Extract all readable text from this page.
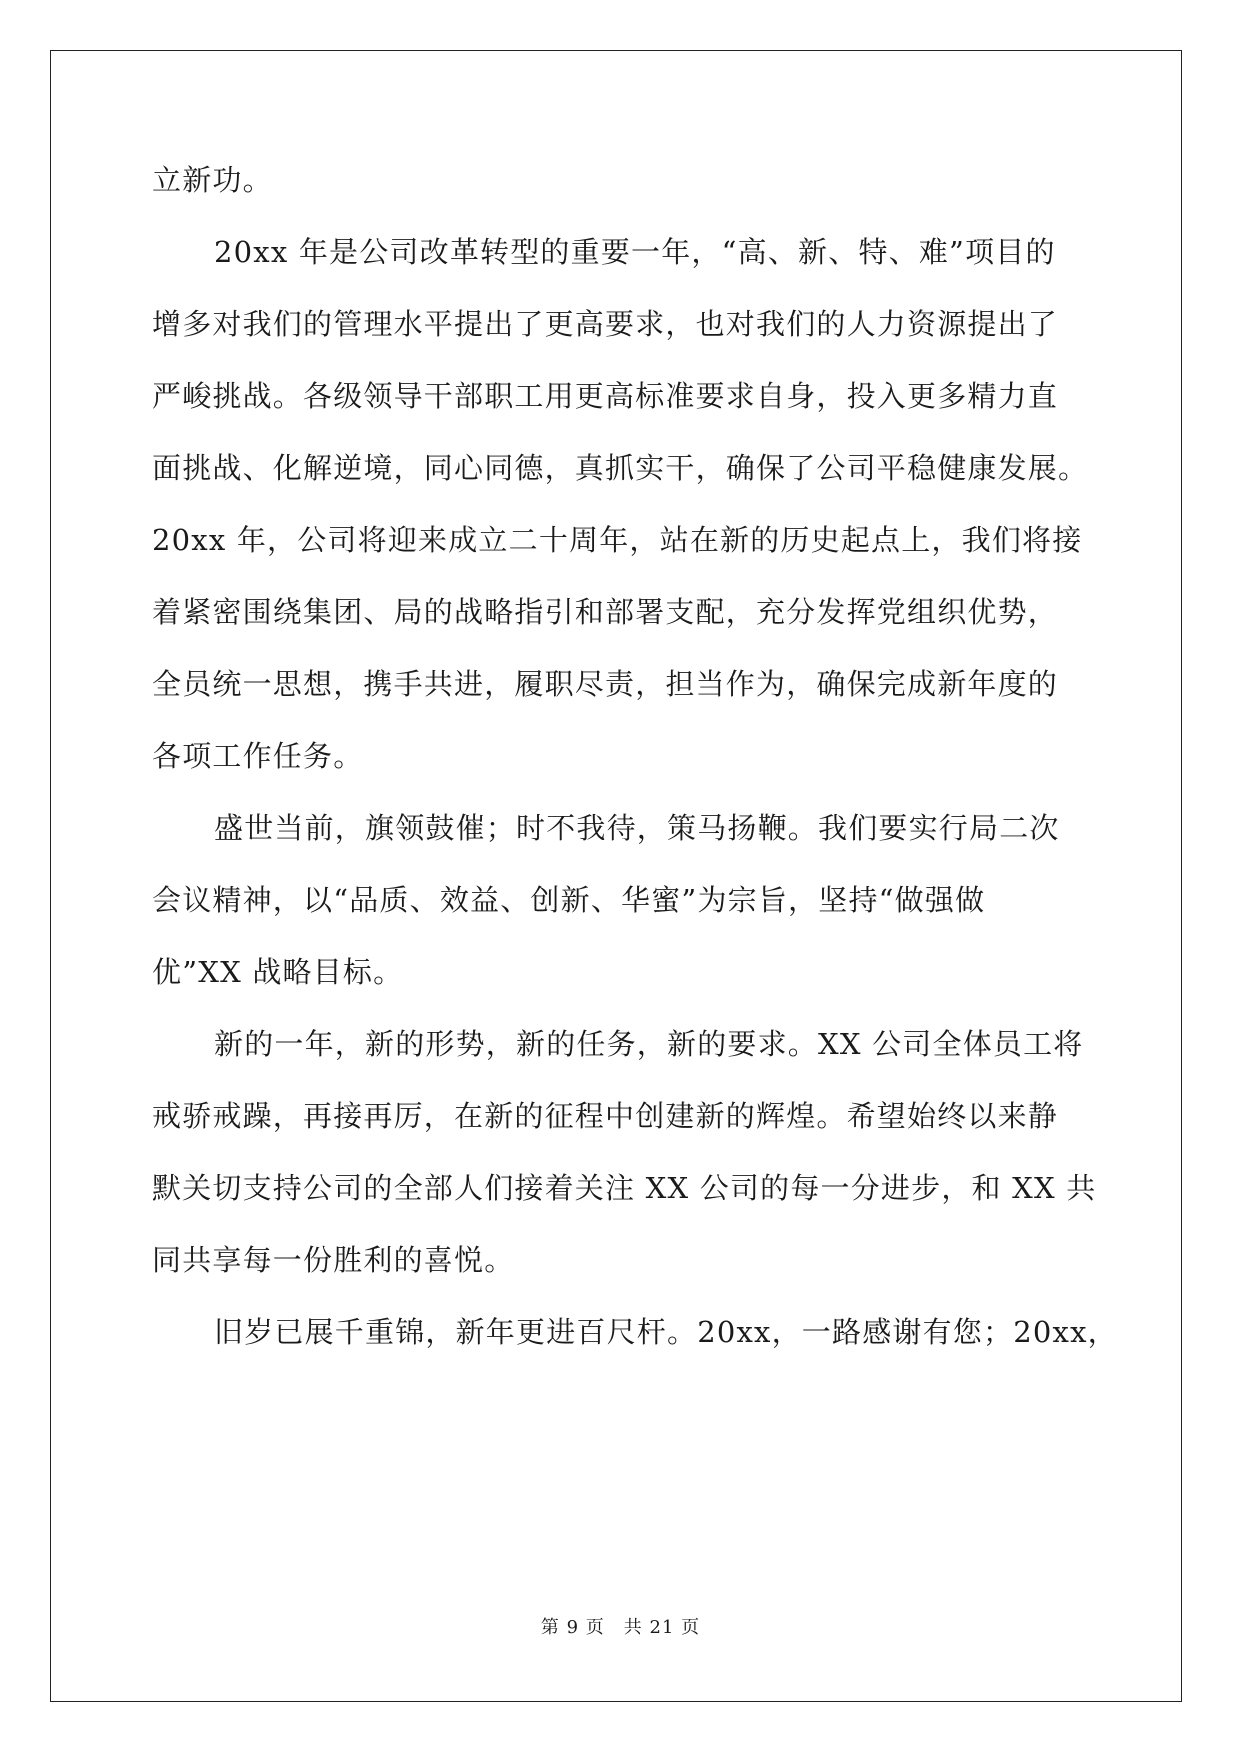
立新功。
20xx 年是公司改革转型的重要一年，“高、新、特、难”项目的
增多对我们的管理水平提出了更高要求，也对我们的人力资源提出了
严峻挑战。各级领导干部职工用更高标准要求自身，投入更多精力直
面挑战、化解逆境，同心同德，真抓实干，确保了公司平稳健康发展。
20xx 年，公司将迎来成立二十周年，站在新的历史起点上，我们将接
着紧密围绕集团、局的战略指引和部署支配，充分发挥党组织优势，
全员统一思想，携手共进，履职尽责，担当作为，确保完成新年度的
各项工作任务。
盛世当前，旗领鼓催；时不我待，策马扬鞭。我们要实行局二次
会议精神，以“品质、效益、创新、华蜜”为宗旨，坚持“做强做
优”XX 战略目标。
新的一年，新的形势，新的任务，新的要求。XX 公司全体员工将
戒骄戒躁，再接再厉，在新的征程中创建新的辉煌。希望始终以来静
默关切支持公司的全部人们接着关注 XX 公司的每一分进步，和 XX 共
同共享每一份胜利的喜悦。
旧岁已展千重锦，新年更进百尺杆。20xx，一路感谢有您；20xx，
第 9 页　共 21 页
